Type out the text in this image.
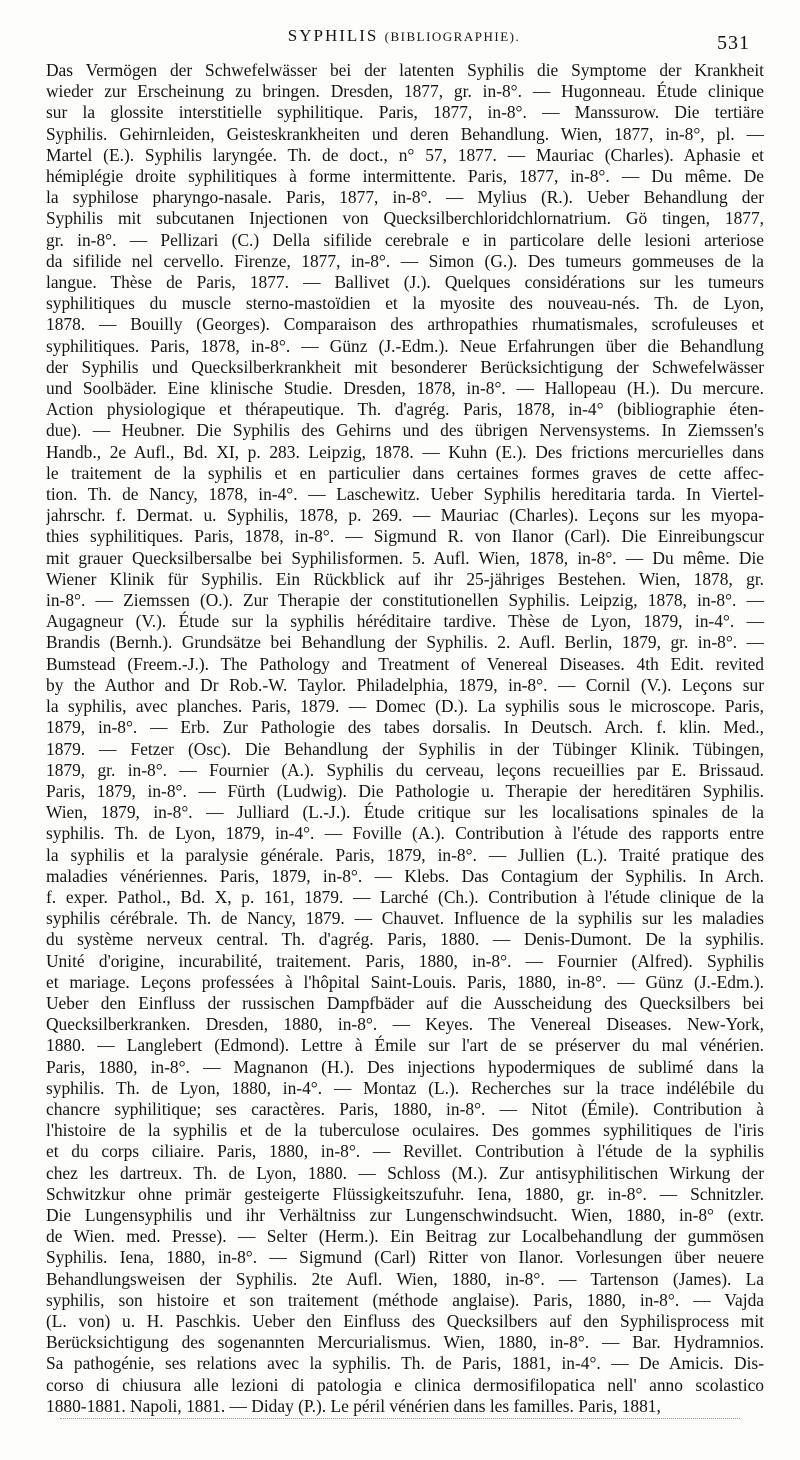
SYPHILIS (BIBLIOGRAPHIE).	531
Das Vermögen der Schwefelwässer bei der latenten Syphilis die Symptome der Krankheit
wieder zur Erscheinung zu bringen. Dresden, 1877, gr. in-8°. — Hugonneau. Étude clinique
sur la glossite interstitielle syphilitique. Paris, 1877, in-8°. — Manssurow. Die tertiäre
Syphilis. Gehirnleiden, Geisteskrankheiten und deren Behandlung. Wien, 1877, in-8°, pl. —
Martel (E.). Syphilis laryngée. Th. de doct., n° 57, 1877. — Mauriac (Charles). Aphasie et
hémiplégie droite syphilitiques à forme intermittente. Paris, 1877, in-8°. — Du même. De
la syphilose pharyngo-nasale. Paris, 1877, in-8°. — Mylius (R.). Ueber Behandlung der
Syphilis mit subcutanen Injectionen von Quecksilberchloridchlornatrium. Gö tingen, 1877,
gr. in-8°. — Pellizari (C.) Della sifilide cerebrale e in particolare delle lesioni arteriose
da sifilide nel cervello. Firenze, 1877, in-8°. — Simon (G.). Des tumeurs gommeuses de la
langue. Thèse de Paris, 1877. — Ballivet (J.). Quelques considérations sur les tumeurs
syphilitiques du muscle sterno-mastoïdien et la myosite des nouveau-nés. Th. de Lyon,
1878. — Bouilly (Georges). Comparaison des arthropathies rhumatismales, scrofuleuses et
syphilitiques. Paris, 1878, in-8°. — Günz (J.-Edm.). Neue Erfahrungen über die Behandlung
der Syphilis und Quecksilberkrankheit mit besonderer Berücksichtigung der Schwefelwässer
und Soolbäder. Eine klinische Studie. Dresden, 1878, in-8°. — Hallopeau (H.). Du mercure.
Action physiologique et thérapeutique. Th. d'agrég. Paris, 1878, in-4° (bibliographie éten-
due). — Heubner. Die Syphilis des Gehirns und des übrigen Nervensystems. In Ziemssen's
Handb., 2e Aufl., Bd. XI, p. 283. Leipzig, 1878. — Kuhn (E.). Des frictions mercurielles dans
le traitement de la syphilis et en particulier dans certaines formes graves de cette affec-
tion. Th. de Nancy, 1878, in-4°. — Laschewitz. Ueber Syphilis hereditaria tarda. In Viertel-
jahrschr. f. Dermat. u. Syphilis, 1878, p. 269. — Mauriac (Charles). Leçons sur les myopa-
thies syphilitiques. Paris, 1878, in-8°. — Sigmund R. von Ilanor (Carl). Die Einreibungscur
mit grauer Quecksilbersalbe bei Syphilisformen. 5. Aufl. Wien, 1878, in-8°. — Du même. Die
Wiener Klinik für Syphilis. Ein Rückblick auf ihr 25-jähriges Bestehen. Wien, 1878, gr.
in-8°. — Ziemssen (O.). Zur Therapie der constitutionellen Syphilis. Leipzig, 1878, in-8°. —
Augagneur (V.). Étude sur la syphilis héréditaire tardive. Thèse de Lyon, 1879, in-4°. —
Brandis (Bernh.). Grundsätze bei Behandlung der Syphilis. 2. Aufl. Berlin, 1879, gr. in-8°. —
Bumstead (Freem.-J.). The Pathology and Treatment of Venereal Diseases. 4th Edit. revited
by the Author and Dr Rob.-W. Taylor. Philadelphia, 1879, in-8°. — Cornil (V.). Leçons sur
la syphilis, avec planches. Paris, 1879. — Domec (D.). La syphilis sous le microscope. Paris,
1879, in-8°. — Erb. Zur Pathologie des tabes dorsalis. In Deutsch. Arch. f. klin. Med.,
1879. — Fetzer (Osc). Die Behandlung der Syphilis in der Tübinger Klinik. Tübingen,
1879, gr. in-8°. — Fournier (A.). Syphilis du cerveau, leçons recueillies par E. Brissaud.
Paris, 1879, in-8°. — Fürth (Ludwig). Die Pathologie u. Therapie der hereditären Syphilis.
Wien, 1879, in-8°. — Julliard (L.-J.). Étude critique sur les localisations spinales de la
syphilis. Th. de Lyon, 1879, in-4°. — Foville (A.). Contribution à l'étude des rapports entre
la syphilis et la paralysie générale. Paris, 1879, in-8°. — Jullien (L.). Traité pratique des
maladies vénériennes. Paris, 1879, in-8°. — Klebs. Das Contagium der Syphilis. In Arch.
f. exper. Pathol., Bd. X, p. 161, 1879. — Larché (Ch.). Contribution à l'étude clinique de la
syphilis cérébrale. Th. de Nancy, 1879. — Chauvet. Influence de la syphilis sur les maladies
du système nerveux central. Th. d'agrég. Paris, 1880. — Denis-Dumont. De la syphilis.
Unité d'origine, incurabilité, traitement. Paris, 1880, in-8°. — Fournier (Alfred). Syphilis
et mariage. Leçons professées à l'hôpital Saint-Louis. Paris, 1880, in-8°. — Günz (J.-Edm.).
Ueber den Einfluss der russischen Dampfbäder auf die Ausscheidung des Quecksilbers bei
Quecksilberkranken. Dresden, 1880, in-8°. — Keyes. The Venereal Diseases. New-York,
1880. — Langlebert (Edmond). Lettre à Émile sur l'art de se préserver du mal vénérien.
Paris, 1880, in-8°. — Magnanon (H.). Des injections hypodermiques de sublimé dans la
syphilis. Th. de Lyon, 1880, in-4°. — Montaz (L.). Recherches sur la trace indélébile du
chancre syphilitique; ses caractères. Paris, 1880, in-8°. — Nitot (Émile). Contribution à
l'histoire de la syphilis et de la tuberculose oculaires. Des gommes syphilitiques de l'iris
et du corps ciliaire. Paris, 1880, in-8°. — Revillet. Contribution à l'étude de la syphilis
chez les dartreux. Th. de Lyon, 1880. — Schloss (M.). Zur antisyphilitischen Wirkung der
Schwitzkur ohne primär gesteigerte Flüssigkeitszufuhr. Iena, 1880, gr. in-8°. — Schnitzler.
Die Lungensyphilis und ihr Verhältniss zur Lungenschwindsucht. Wien, 1880, in-8° (extr.
de Wien. med. Presse). — Selter (Herm.). Ein Beitrag zur Localbehandlung der gummösen
Syphilis. Iena, 1880, in-8°. — Sigmund (Carl) Ritter von Ilanor. Vorlesungen über neuere
Behandlungsweisen der Syphilis. 2te Aufl. Wien, 1880, in-8°. — Tartenson (James). La
syphilis, son histoire et son traitement (méthode anglaise). Paris, 1880, in-8°. — Vajda
(L. von) u. H. Paschkis. Ueber den Einfluss des Quecksilbers auf den Syphilisprocess mit
Berücksichtigung des sogenannten Mercurialismus. Wien, 1880, in-8°. — Bar. Hydramnios.
Sa pathogénie, ses relations avec la syphilis. Th. de Paris, 1881, in-4°. — De Amicis. Dis-
corso di chiusura alle lezioni di patologia e clinica dermosifilopatica nell' anno scolastico
1880-1881. Napoli, 1881. — Diday (P.). Le péril vénérien dans les familles. Paris, 1881,
